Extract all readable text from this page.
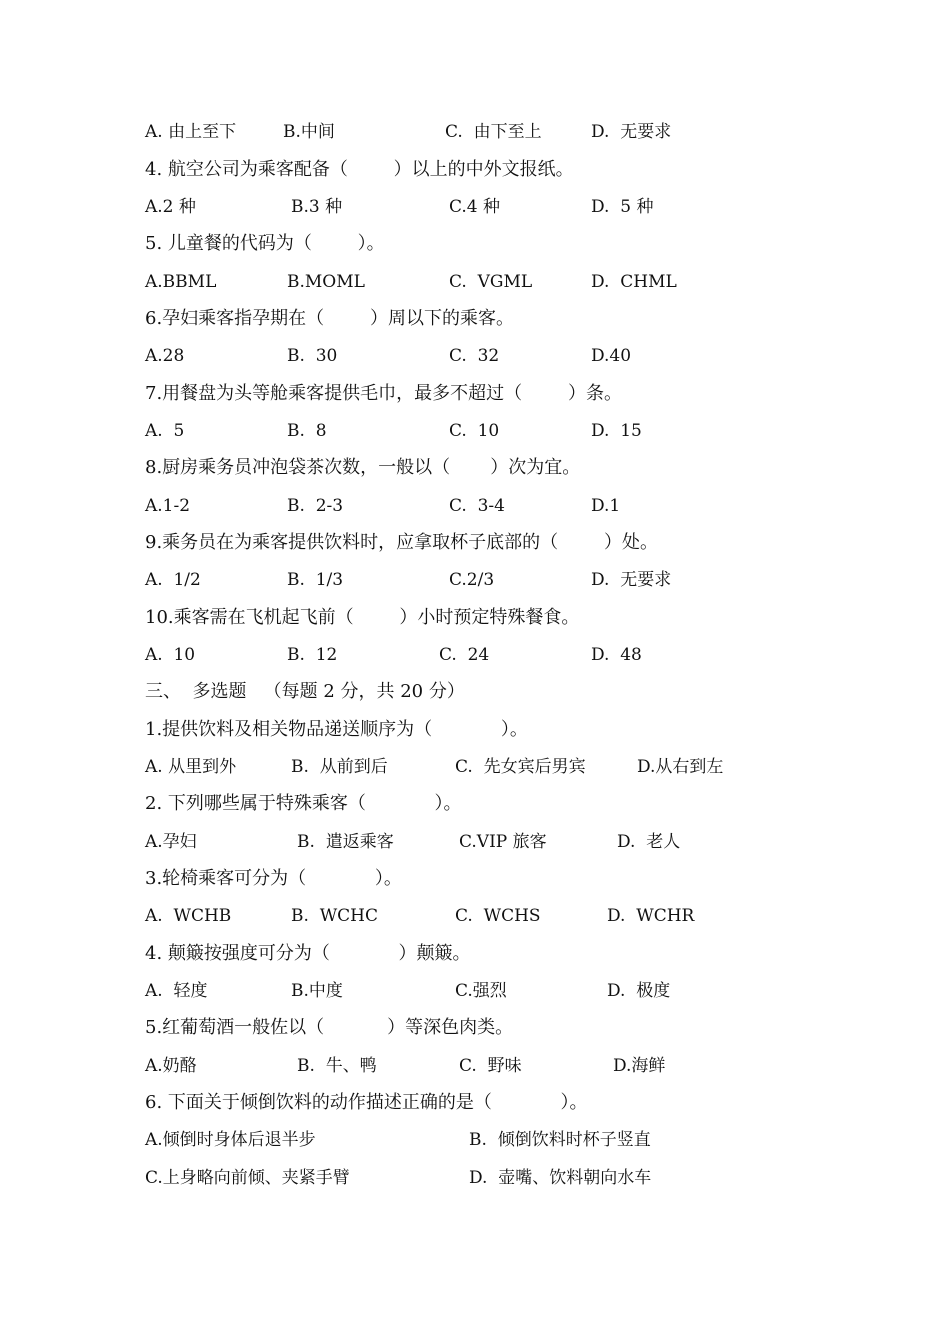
A. 由上至下	B.中间	C.  由下至上	D.  无要求
4. 航空公司为乘客配备（        ）以上的中外文报纸。
A.2 种	B.3 种	C.4 种	D.  5 种
5. 儿童餐的代码为（        ）。
A.BBML	B.MOML	C.  VGML	D.  CHML
6.孕妇乘客指孕期在（        ）周以下的乘客。
A.28	B.  30	C.  32	D.40
7.用餐盘为头等舱乘客提供毛巾，最多不超过（        ）条。
A.  5	B.  8	C.  10	D.  15
8.厨房乘务员冲泡袋茶次数，一般以（       ）次为宜。
A.1-2	B.  2-3	C.  3-4	D.1
9.乘务员在为乘客提供饮料时，应拿取杯子底部的（        ）处。
A.  1/2	B.  1/3	C.2/3	D.  无要求
10.乘客需在飞机起飞前（        ）小时预定特殊餐食。
A.  10	B.  12	C.  24	D.  48
三、  多选题   （每题 2 分，共 20 分）
1.提供饮料及相关物品递送顺序为（            ）。
A. 从里到外	B.  从前到后	C.  先女宾后男宾	D.从右到左
2. 下列哪些属于特殊乘客（            ）。
A.孕妇	B.  遣返乘客	C.VIP 旅客	D.  老人
3.轮椅乘客可分为（            ）。
A.  WCHB	B.  WCHC	C.  WCHS	D.  WCHR
4. 颠簸按强度可分为（            ）颠簸。
A.  轻度	B.中度	C.强烈	D.  极度
5.红葡萄酒一般佐以（           ）等深色肉类。
A.奶酪	B.  牛、鸭	C.  野味	D.海鲜
6. 下面关于倾倒饮料的动作描述正确的是（            ）。
A.倾倒时身体后退半步	B.  倾倒饮料时杯子竖直
C.上身略向前倾、夹紧手臂	D.  壶嘴、饮料朝向水车
